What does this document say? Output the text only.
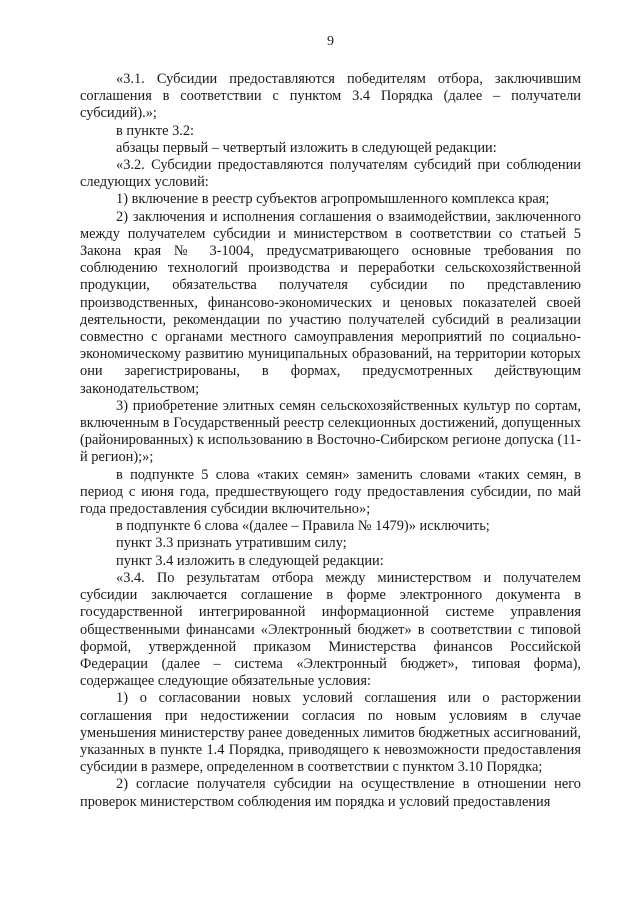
9

«3.1. Субсидии предоставляются победителям отбора, заключившим соглашения в соответствии с пунктом 3.4 Порядка (далее – получатели субсидий).»;

в пункте 3.2:

абзацы первый – четвертый изложить в следующей редакции:

«3.2. Субсидии предоставляются получателям субсидий при соблюдении следующих условий:

1) включение в реестр субъектов агропромышленного комплекса края;

2) заключения и исполнения соглашения о взаимодействии, заключенного между получателем субсидии и министерством в соответствии со статьей 5 Закона края № 3-1004, предусматривающего основные требования по соблюдению технологий производства и переработки сельскохозяйственной продукции, обязательства получателя субсидии по представлению производственных, финансово-экономических и ценовых показателей своей деятельности, рекомендации по участию получателей субсидий в реализации совместно с органами местного самоуправления мероприятий по социально-экономическому развитию муниципальных образований, на территории которых они зарегистрированы, в формах, предусмотренных действующим законодательством;

3) приобретение элитных семян сельскохозяйственных культур по сортам, включенным в Государственный реестр селекционных достижений, допущенных (районированных) к использованию в Восточно-Сибирском регионе допуска (11-й регион);»;

в подпункте 5 слова «таких семян» заменить словами «таких семян, в период с июня года, предшествующего году предоставления субсидии, по май года предоставления субсидии включительно»;

в подпункте 6 слова «(далее – Правила № 1479)» исключить;

пункт 3.3 признать утратившим силу;

пункт 3.4 изложить в следующей редакции:

«3.4. По результатам отбора между министерством и получателем субсидии заключается соглашение в форме электронного документа в государственной интегрированной информационной системе управления общественными финансами «Электронный бюджет» в соответствии с типовой формой, утвержденной приказом Министерства финансов Российской Федерации (далее – система «Электронный бюджет», типовая форма), содержащее следующие обязательные условия:

1) о согласовании новых условий соглашения или о расторжении соглашения при недостижении согласия по новым условиям в случае уменьшения министерству ранее доведенных лимитов бюджетных ассигнований, указанных в пункте 1.4 Порядка, приводящего к невозможности предоставления субсидии в размере, определенном в соответствии с пунктом 3.10 Порядка;

2) согласие получателя субсидии на осуществление в отношении него проверок министерством соблюдения им порядка и условий предоставления
